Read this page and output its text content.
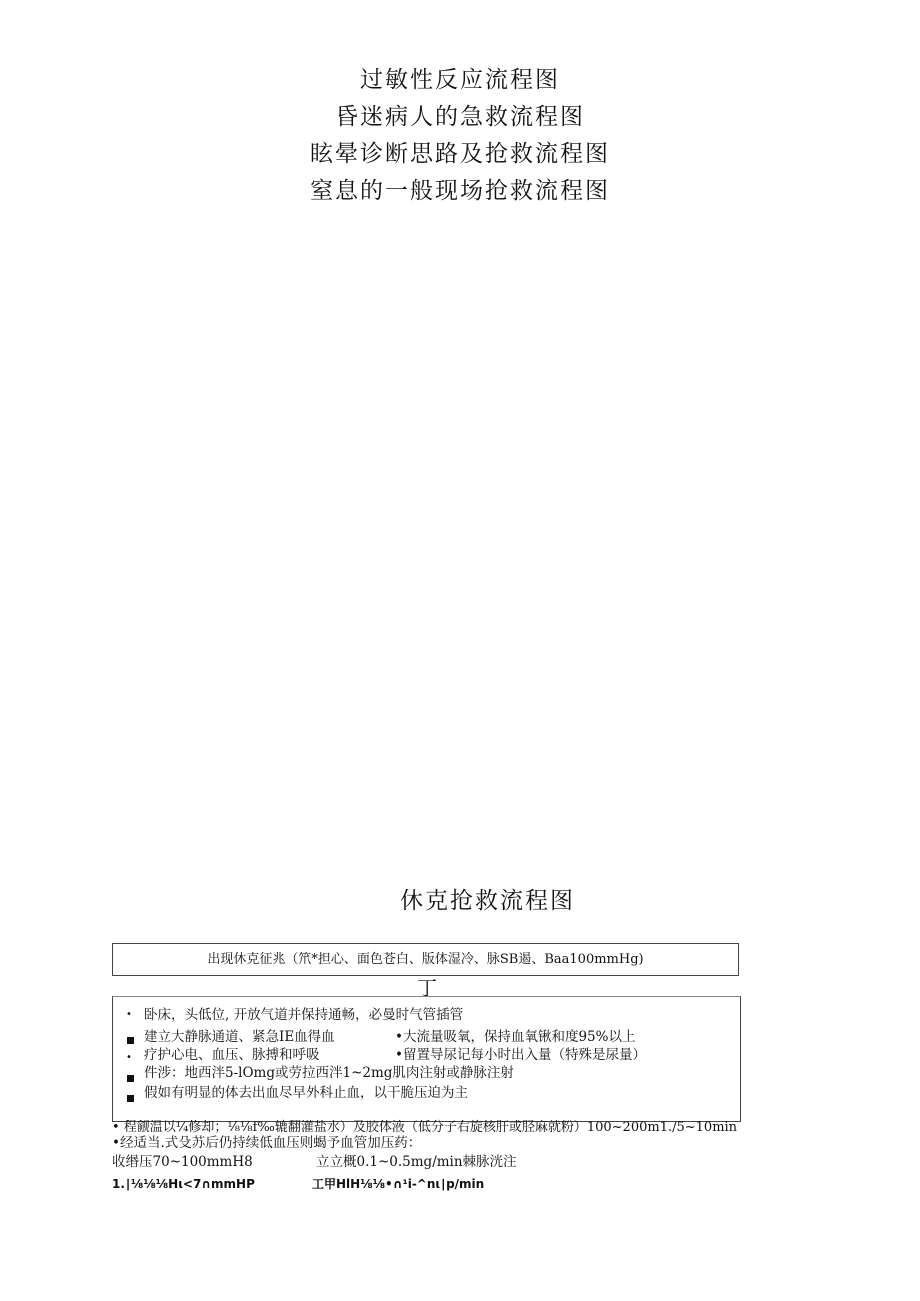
过敏性反应流程图
昏迷病人的急救流程图
眩晕诊断思路及抢救流程图
窒息的一般现场抢救流程图
休克抢救流程图
出现休克征兆（笊*担心、面色苍白、版体湿冷、脉SB遏、Baa100mmHg)
丁
• 卧床，头低位, 开放气道并保持通畅，必曼时气管插管
建立大静脉通道、紧急IE血得血	•大流量吸氧，保持血氧锹和度95%以上
• 疗护心电、血压、脉搏和呼吸	•留置导尿记每小时出入量（特殊是尿量）
件涉：地西泮5-lOmg或劳拉西泮1~2mg肌肉注射或静脉注射
假如有明显的体去出血尽早外科止血，以干脆压迫为主
• 程觎温以¼修却；⅛⅛f‰辘翻灌盐水）及胶体液（低分子右旋核肝或胫麻就粉）100~200m1./5~10min
•经适当.式殳苏后仍持续低血压则蝎予血管加压药：
收缗压70~100mmH8	立立概0.1~0.5mg/min棘脉洸注
1.∣⅛⅛⅛Hι<7∩mmHP	工甲HlH⅛⅛•∩¹i-^nι∣p/min
